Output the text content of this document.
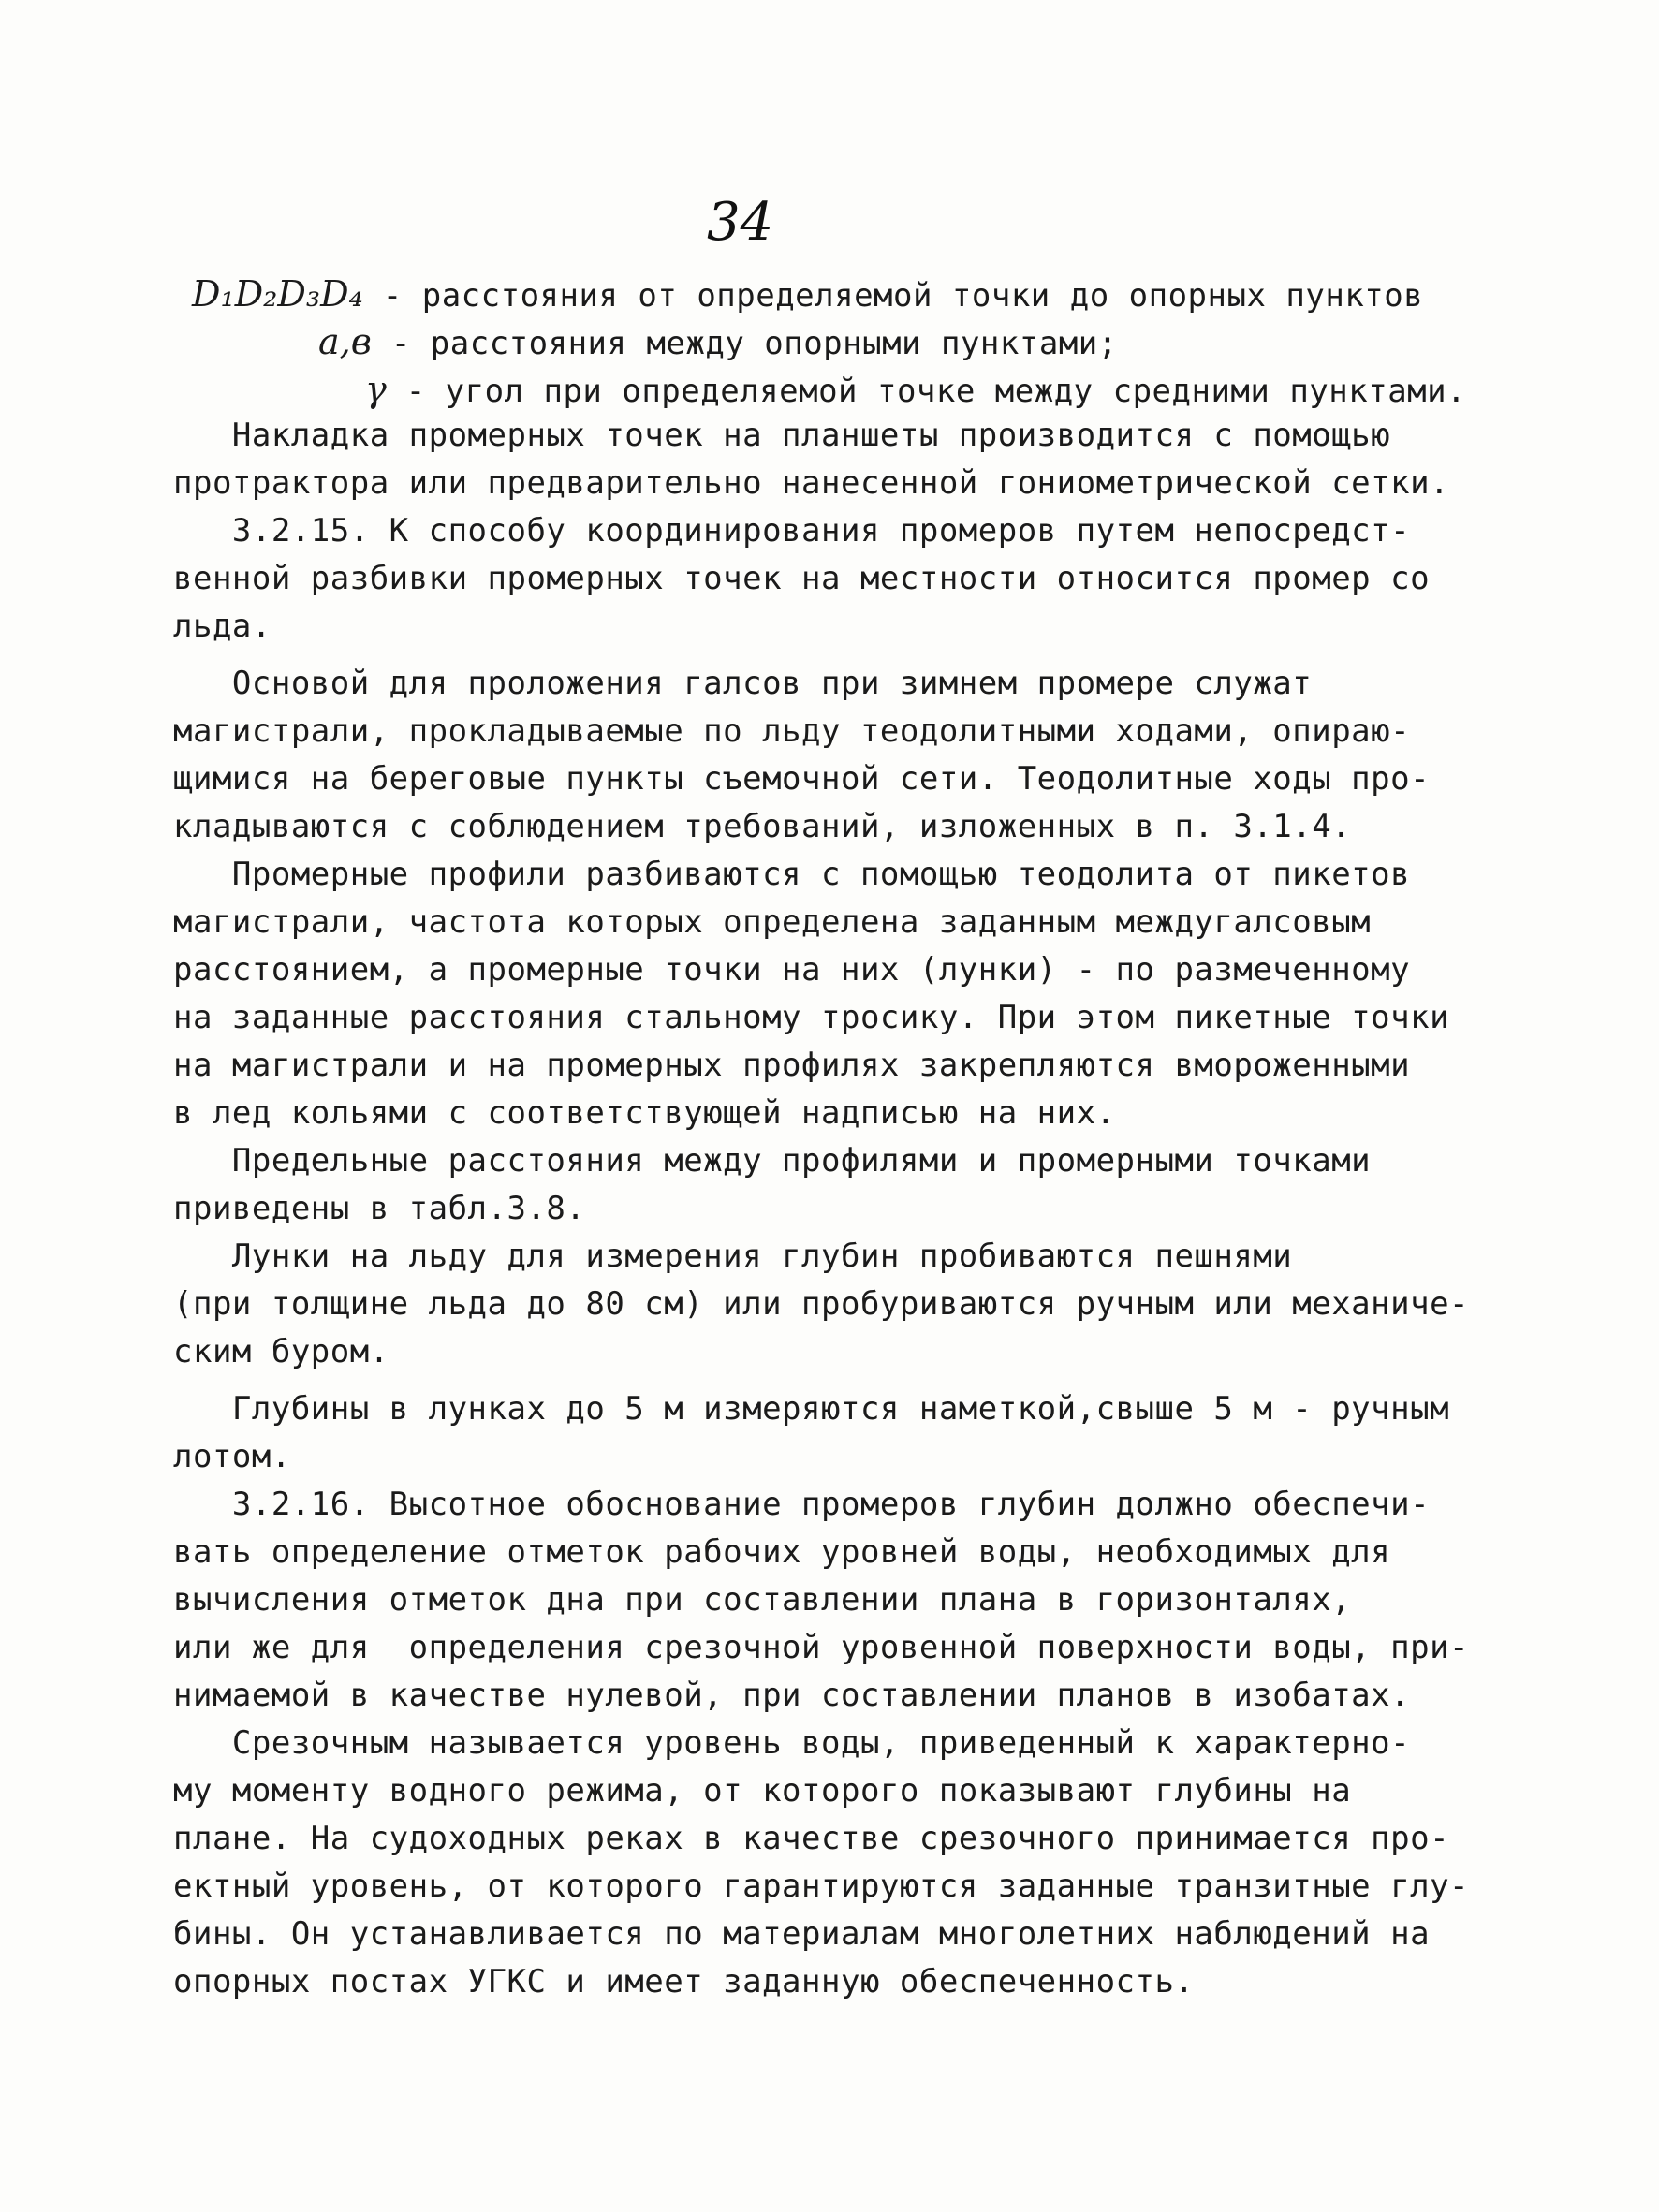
34
D₁D₂D₃D₄ - расстояния от определяемой точки до опорных пунктов
a,в - расстояния между опорными пунктами;
γ - угол при определяемой точке между средними пунктами.
Накладка промерных точек на планшеты производится с помощью
протрактора или предварительно нанесенной гониометрической сетки.
3.2.15. К способу координирования промеров путем непосредст-
венной разбивки промерных точек на местности относится промер со
льда.
Основой для проложения галсов при зимнем промере служат
магистрали, прокладываемые по льду теодолитными ходами, опираю-
щимися на береговые пункты съемочной сети. Теодолитные ходы про-
кладываются с соблюдением требований, изложенных в п. 3.1.4.
Промерные профили разбиваются с помощью теодолита от пикетов
магистрали, частота которых определена заданным междугалсовым
расстоянием, а промерные точки на них (лунки) - по размеченному
на заданные расстояния стальному тросику. При этом пикетные точки
на магистрали и на промерных профилях закрепляются вмороженными
в лед кольями с соответствующей надписью на них.
Предельные расстояния между профилями и промерными точками
приведены в табл.3.8.
Лунки на льду для измерения глубин пробиваются пешнями
(при толщине льда до 80 см) или пробуриваются ручным или механиче-
ским буром.
Глубины в лунках до 5 м измеряются наметкой,свыше 5 м - ручным
лотом.
3.2.16. Высотное обоснование промеров глубин должно обеспечи-
вать определение отметок рабочих уровней воды, необходимых для
вычисления отметок дна при составлении плана в горизонталях,
или же для  определения срезочной уровенной поверхности воды, при-
нимаемой в качестве нулевой, при составлении планов в изобатах.
Срезочным называется уровень воды, приведенный к характерно-
му моменту водного режима, от которого показывают глубины на
плане. На судоходных реках в качестве срезочного принимается про-
ектный уровень, от которого гарантируются заданные транзитные глу-
бины. Он устанавливается по материалам многолетних наблюдений на
опорных постах УГКС и имеет заданную обеспеченность.
